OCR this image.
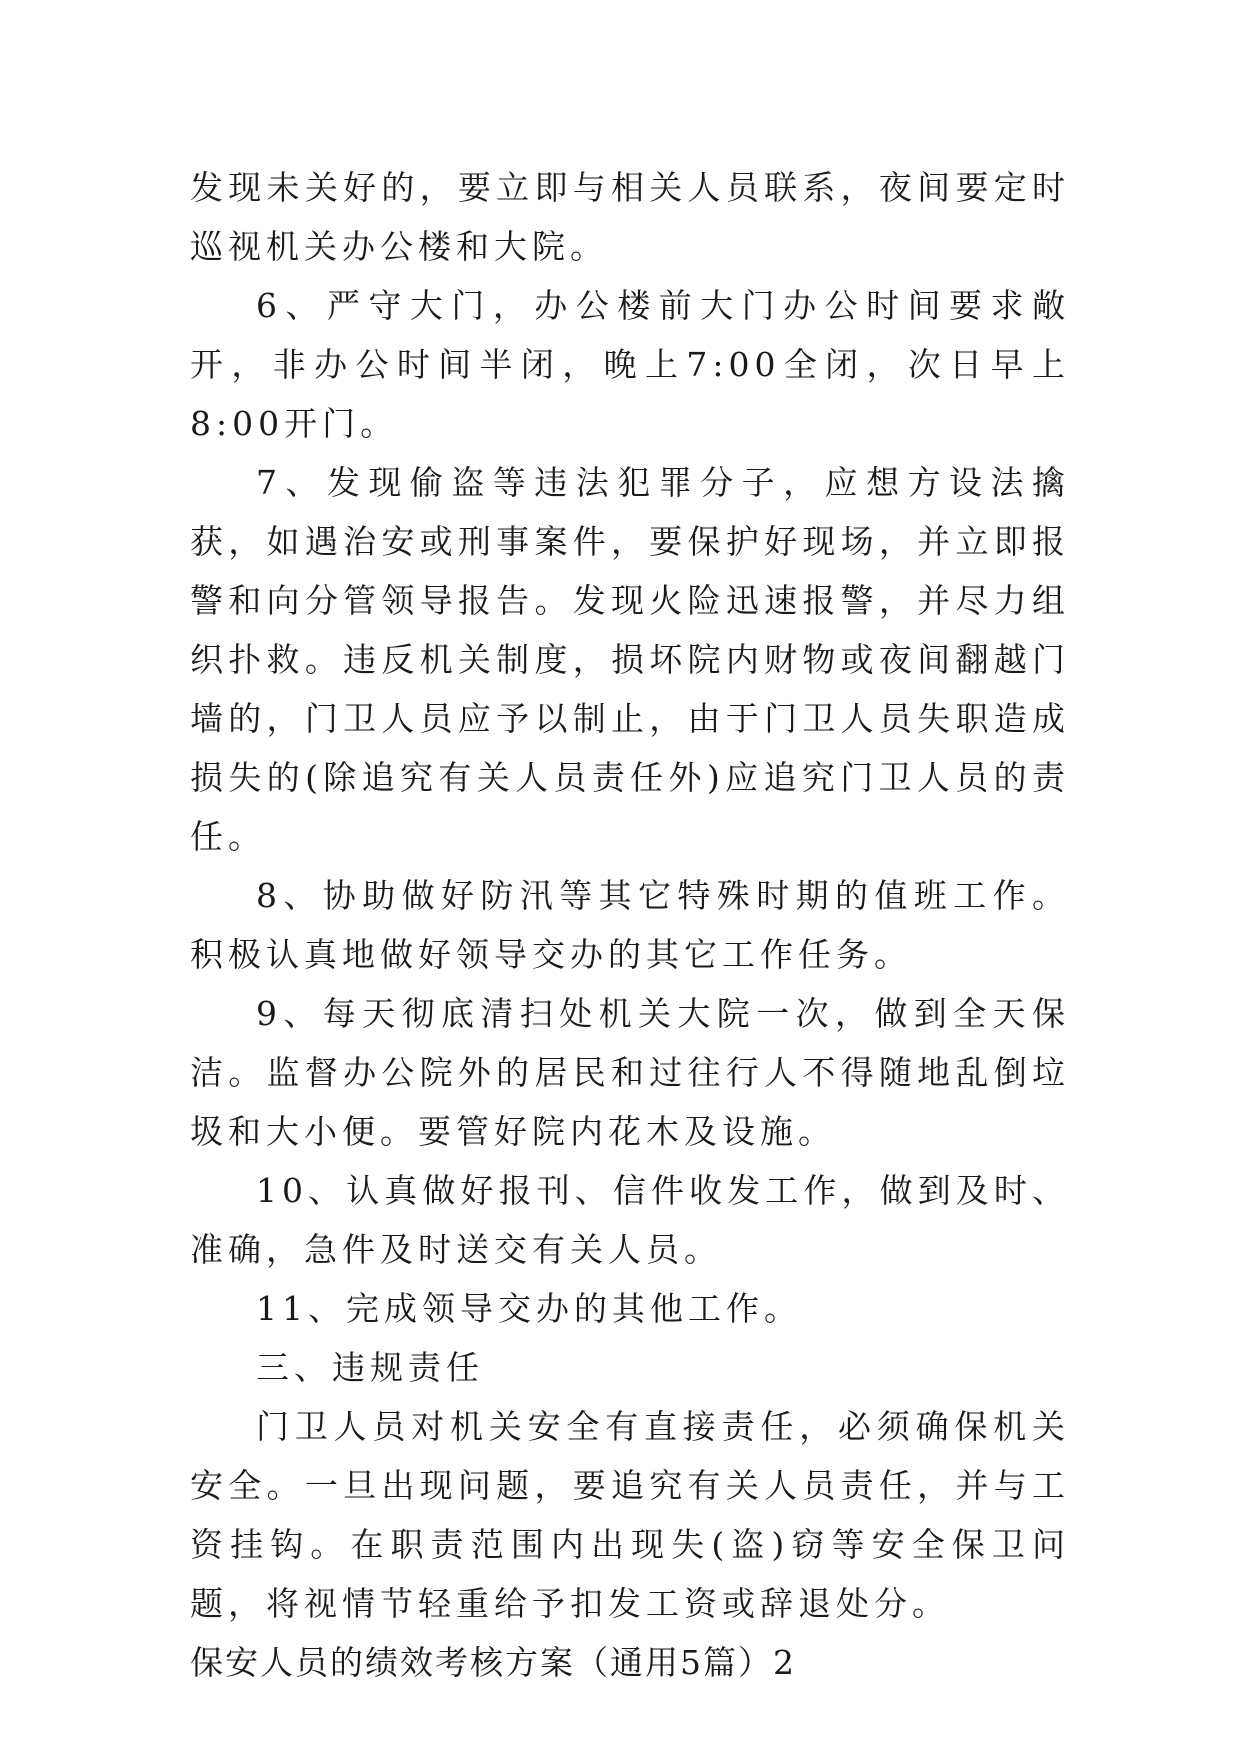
发现未关好的，要立即与相关人员联系，夜间要定时巡视机关办公楼和大院。

6、严守大门，办公楼前大门办公时间要求敞开，非办公时间半闭，晚上7:00全闭，次日早上8:00开门。

7、发现偷盗等违法犯罪分子，应想方设法擒获，如遇治安或刑事案件，要保护好现场，并立即报警和向分管领导报告。发现火险迅速报警，并尽力组织扑救。违反机关制度，损坏院内财物或夜间翻越门墙的，门卫人员应予以制止，由于门卫人员失职造成损失的(除追究有关人员责任外)应追究门卫人员的责任。

8、协助做好防汛等其它特殊时期的值班工作。积极认真地做好领导交办的其它工作任务。

9、每天彻底清扫处机关大院一次，做到全天保洁。监督办公院外的居民和过往行人不得随地乱倒垃圾和大小便。要管好院内花木及设施。

10、认真做好报刊、信件收发工作，做到及时、准确，急件及时送交有关人员。

11、完成领导交办的其他工作。

三、违规责任

门卫人员对机关安全有直接责任，必须确保机关安全。一旦出现问题，要追究有关人员责任，并与工资挂钩。在职责范围内出现失(盗)窃等安全保卫问题，将视情节轻重给予扣发工资或辞退处分。

保安人员的绩效考核方案（通用5篇）2
